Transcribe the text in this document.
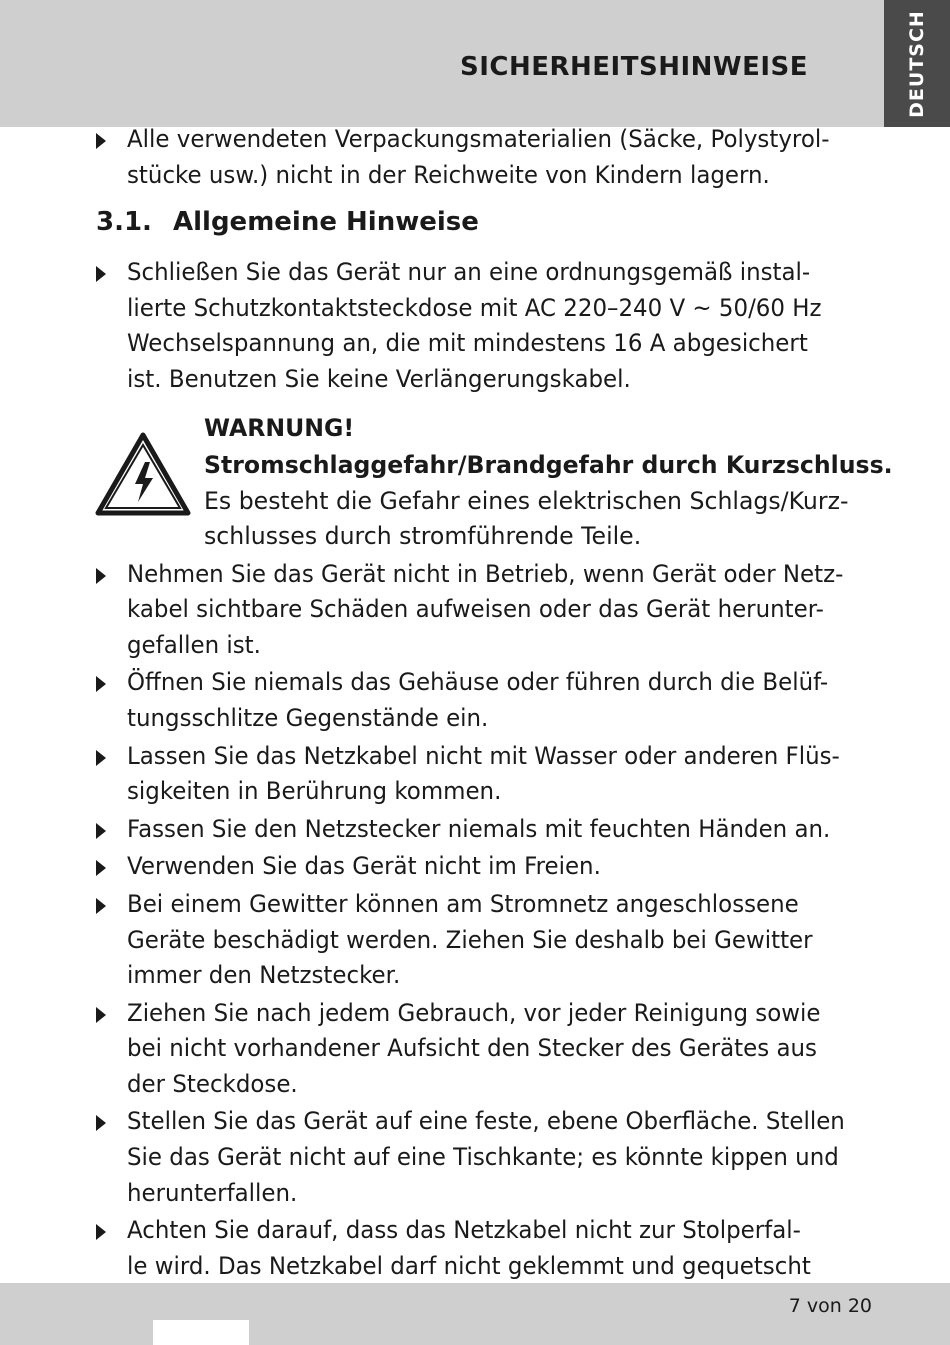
SICHERHEITSHINWEISE	DEUTSCH
Alle verwendeten Verpackungsmaterialien (Säcke, Polystyrol-
stücke usw.) nicht in der Reichweite von Kindern lagern.
3.1. Allgemeine Hinweise
Schließen Sie das Gerät nur an eine ordnungsgemäß instal-
lierte Schutzkontaktsteckdose mit AC 220–240 V ~ 50/60 Hz
Wechselspannung an, die mit mindestens 16 A abgesichert
ist. Benutzen Sie keine Verlängerungskabel.
WARNUNG!
Stromschlaggefahr/Brandgefahr durch Kurzschluss.
Es besteht die Gefahr eines elektrischen Schlags/Kurz-
schlusses durch stromführende Teile.
Nehmen Sie das Gerät nicht in Betrieb, wenn Gerät oder Netz-
kabel sichtbare Schäden aufweisen oder das Gerät herunter-
gefallen ist.
Öffnen Sie niemals das Gehäuse oder führen durch die Belüf-
tungsschlitze Gegenstände ein.
Lassen Sie das Netzkabel nicht mit Wasser oder anderen Flüs-
sigkeiten in Berührung kommen.
Fassen Sie den Netzstecker niemals mit feuchten Händen an.
Verwenden Sie das Gerät nicht im Freien.
Bei einem Gewitter können am Stromnetz angeschlossene
Geräte beschädigt werden. Ziehen Sie deshalb bei Gewitter
immer den Netzstecker.
Ziehen Sie nach jedem Gebrauch, vor jeder Reinigung sowie
bei nicht vorhandener Aufsicht den Stecker des Gerätes aus
der Steckdose.
Stellen Sie das Gerät auf eine feste, ebene Oberfläche. Stellen
Sie das Gerät nicht auf eine Tischkante; es könnte kippen und
herunterfallen.
Achten Sie darauf, dass das Netzkabel nicht zur Stolperfal-
le wird. Das Netzkabel darf nicht geklemmt und gequetscht
7 von 20
